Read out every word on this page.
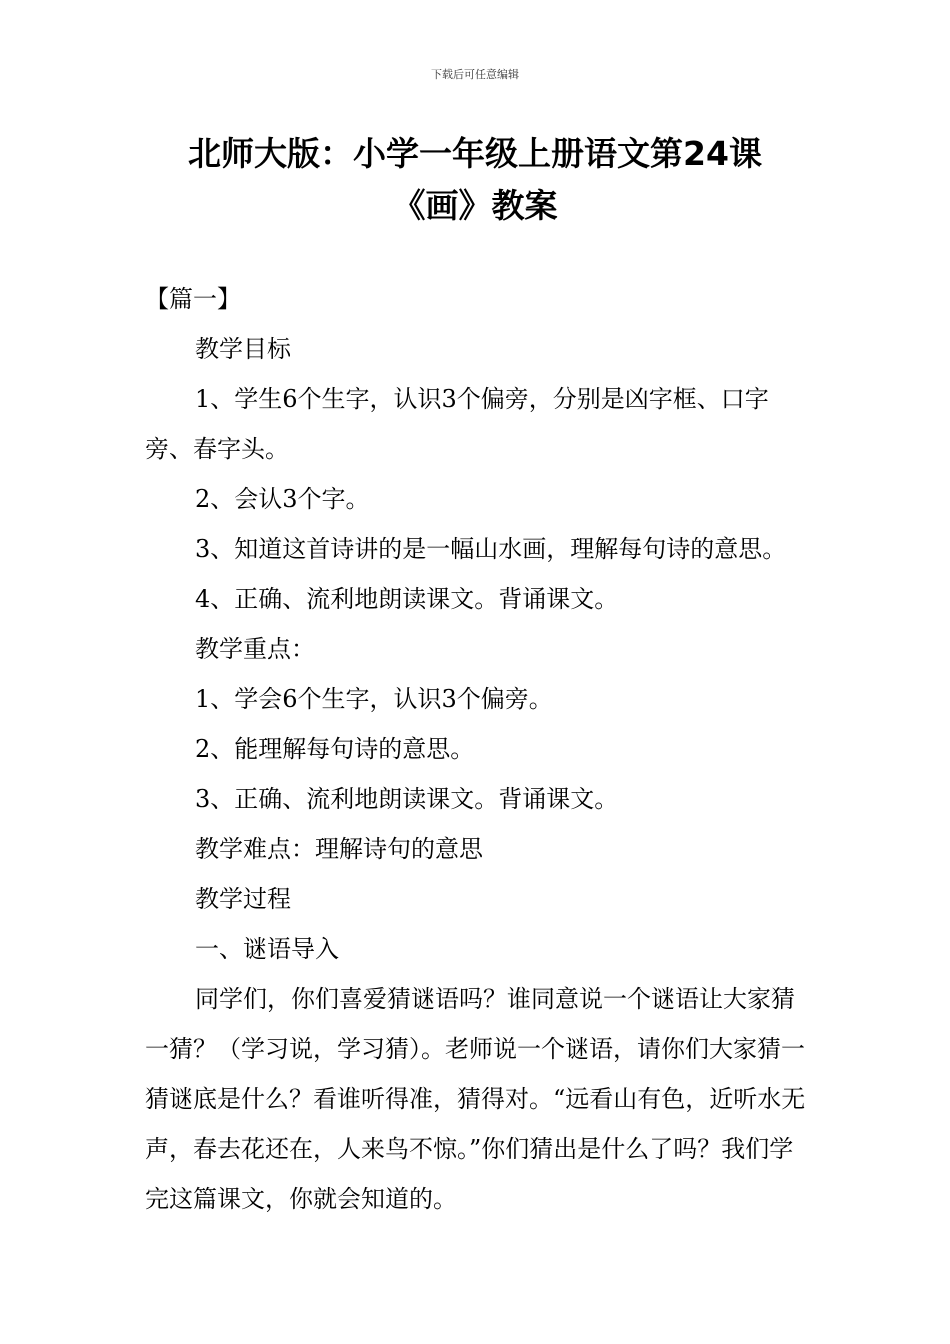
下载后可任意编辑
北师大版：小学一年级上册语文第24课
《画》教案

【篇一】

教学目标

1、学生6个生字，认识3个偏旁，分别是凶字框、口字旁、春字头。

2、会认3个字。

3、知道这首诗讲的是一幅山水画，理解每句诗的意思。

4、正确、流利地朗读课文。背诵课文。

教学重点：

1、学会6个生字，认识3个偏旁。

2、能理解每句诗的意思。

3、正确、流利地朗读课文。背诵课文。

教学难点：理解诗句的意思

教学过程

一、谜语导入

同学们，你们喜爱猜谜语吗？谁同意说一个谜语让大家猜一猜？（学习说，学习猜）。老师说一个谜语，请你们大家猜一猜谜底是什么？看谁听得准，猜得对。“远看山有色，近听水无声，春去花还在，人来鸟不惊。”你们猜出是什么了吗？我们学完这篇课文，你就会知道的。
